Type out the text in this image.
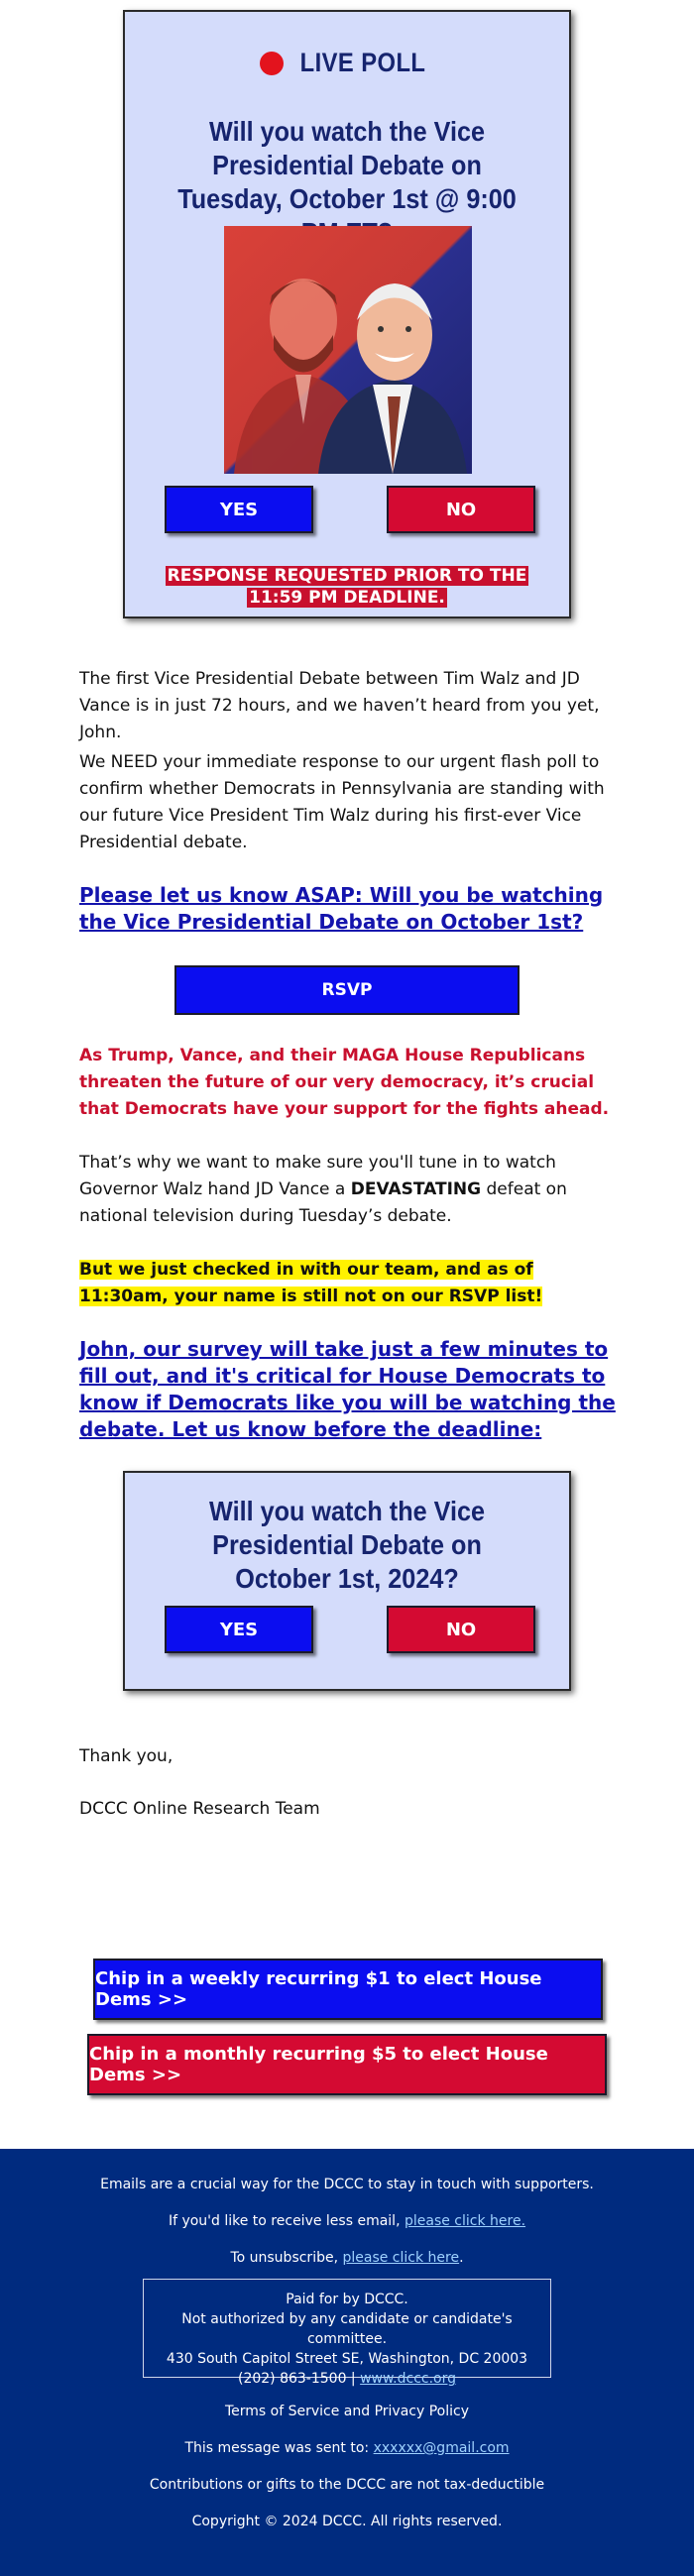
LIVE POLL
Will you watch the Vice Presidential Debate on Tuesday, October 1st @ 9:00
YES	NO
RESPONSE REQUESTED PRIOR TO THE 11:59 PM DEADLINE.

The first Vice Presidential Debate between Tim Walz and JD Vance is in just 72 hours, and we haven’t heard from you yet, John.

We NEED your immediate response to our urgent flash poll to confirm whether Democrats in Pennsylvania are standing with our future Vice President Tim Walz during his first-ever Vice Presidential debate.

Please let us know ASAP: Will you be watching the Vice Presidential Debate on October 1st?
RSVP

As Trump, Vance, and their MAGA House Republicans threaten the future of our very democracy, it’s crucial that Democrats have your support for the fights ahead.

That’s why we want to make sure you'll tune in to watch Governor Walz hand JD Vance a DEVASTATING defeat on national television during Tuesday’s debate.

But we just checked in with our team, and as of 11:30am, your name is still not on our RSVP list!

John, our survey will take just a few minutes to fill out, and it's critical for House Democrats to know if Democrats like you will be watching the debate. Let us know before the deadline:
Will you watch the Vice Presidential Debate on October 1st, 2024?
YES	NO

Thank you,

DCCC Online Research Team

Chip in a weekly recurring $1 to elect House Dems >>
Chip in a monthly recurring $5 to elect House Dems >>
Emails are a crucial way for the DCCC to stay in touch with supporters.
If you'd like to receive less email, please click here.
To unsubscribe, please click here.
Paid for by DCCC.
Not authorized by any candidate or candidate's committee.
430 South Capitol Street SE, Washington, DC 20003
(202) 863-1500 | www.dccc.org
Terms of Service and Privacy Policy
This message was sent to: xxxxxx@gmail.com
Contributions or gifts to the DCCC are not tax-deductible
Copyright © 2024 DCCC. All rights reserved.
